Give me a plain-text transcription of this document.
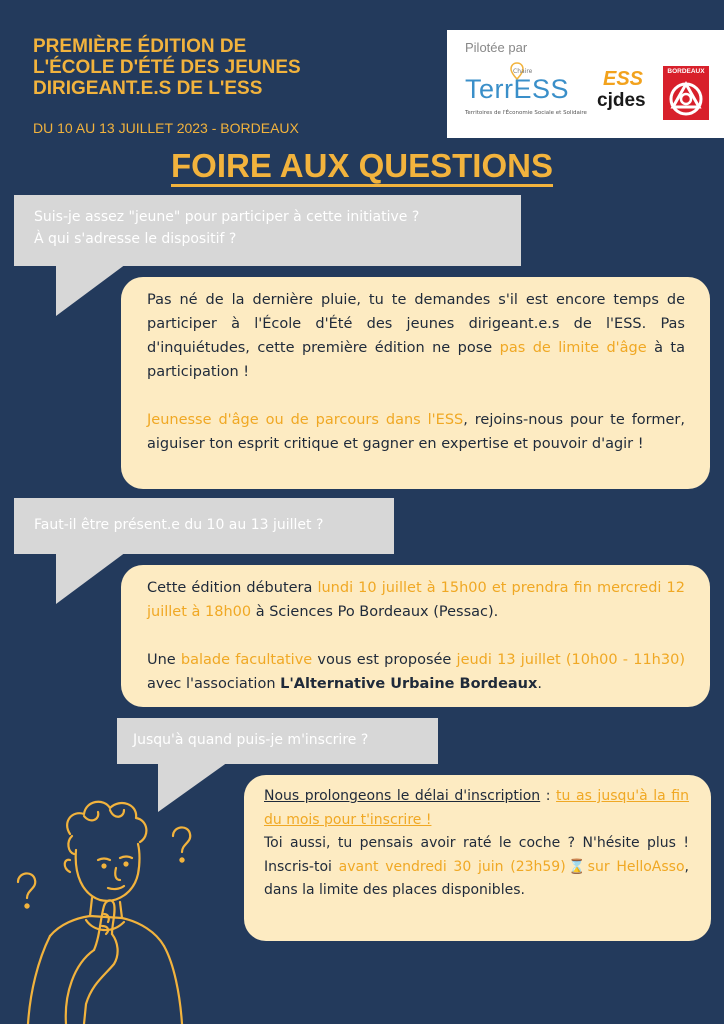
PREMIÈRE ÉDITION DE
L'ÉCOLE D'ÉTÉ DES JEUNES
DIRIGEANT.E.S DE L'ESS
DU 10 AU 13 JUILLET 2023 - BORDEAUX
Pilotée par
Chaire
TerrESS
Territoires de l'Économie Sociale et Solidaire
ESS
cjdes
BORDEAUX
FOIRE AUX QUESTIONS
Suis-je assez "jeune" pour participer à cette initiative ?
À qui s'adresse le dispositif ?

Pas né de la dernière pluie, tu te demandes s'il est encore temps de participer à l'École d'Été des jeunes dirigeant.e.s de l'ESS. Pas d'inquiétudes, cette première édition ne pose pas de limite d'âge à ta participation !

Jeunesse d'âge ou de parcours dans l'ESS, rejoins-nous pour te former, aiguiser ton esprit critique et gagner en expertise et pouvoir d'agir !

Faut-il être présent.e du 10 au 13 juillet ?

Cette édition débutera lundi 10 juillet à 15h00 et prendra fin mercredi 12 juillet à 18h00 à Sciences Po Bordeaux (Pessac).

Une balade facultative vous est proposée jeudi 13 juillet (10h00 - 11h30) avec l'association L'Alternative Urbaine Bordeaux.

Jusqu'à quand puis-je m'inscrire ?

Nous prolongeons le délai d'inscription : tu as jusqu'à la fin du mois pour t'inscrire !

Toi aussi, tu pensais avoir raté le coche ? N'hésite plus ! Inscris-toi avant vendredi 30 juin (23h59)⌛sur HelloAsso, dans la limite des places disponibles.
